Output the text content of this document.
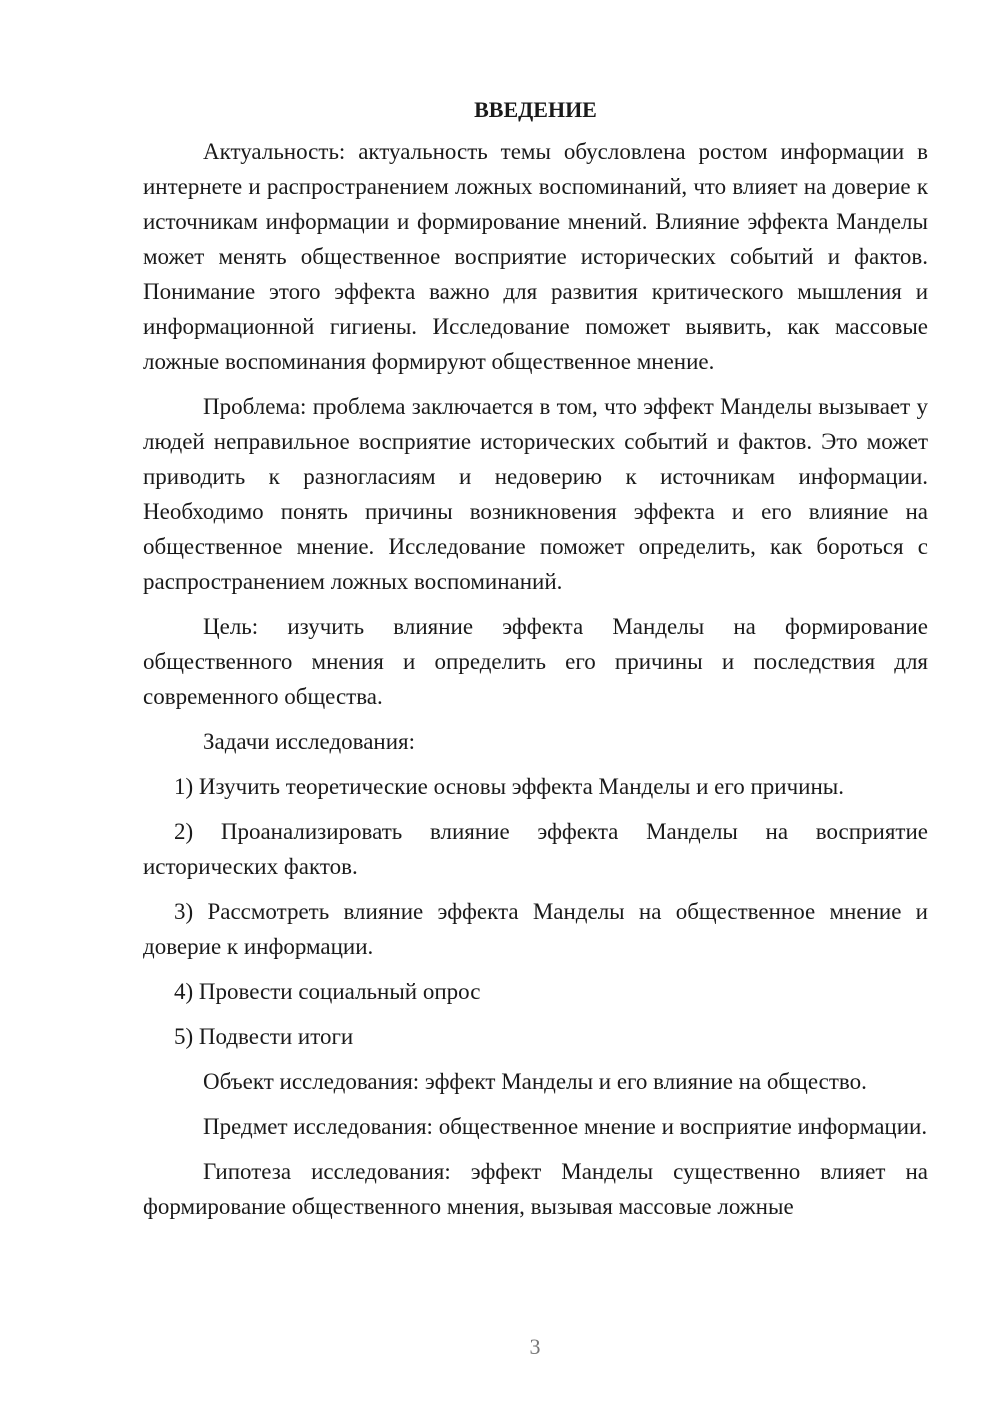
ВВЕДЕНИЕ

Актуальность: актуальность темы обусловлена ростом информации в интернете и распространением ложных воспоминаний, что влияет на доверие к источникам информации и формирование мнений. Влияние эффекта Манделы может менять общественное восприятие исторических событий и фактов. Понимание этого эффекта важно для развития критического мышления и информационной гигиены. Исследование поможет выявить, как массовые ложные воспоминания формируют общественное мнение.

Проблема: проблема заключается в том, что эффект Манделы вызывает у людей неправильное восприятие исторических событий и фактов. Это может приводить к разногласиям и недоверию к источникам информации. Необходимо понять причины возникновения эффекта и его влияние на общественное мнение. Исследование поможет определить, как бороться с распространением ложных воспоминаний.

Цель: изучить влияние эффекта Манделы на формирование общественного мнения и определить его причины и последствия для современного общества.

Задачи исследования:

1) Изучить теоретические основы эффекта Манделы и его причины.

2) Проанализировать влияние эффекта Манделы на восприятие исторических фактов.

3) Рассмотреть влияние эффекта Манделы на общественное мнение и доверие к информации.

4) Провести социальный опрос

5) Подвести итоги

Объект исследования: эффект Манделы и его влияние на общество.

Предмет исследования: общественное мнение и восприятие информации.

Гипотеза исследования: эффект Манделы существенно влияет на формирование общественного мнения, вызывая массовые ложные

3
